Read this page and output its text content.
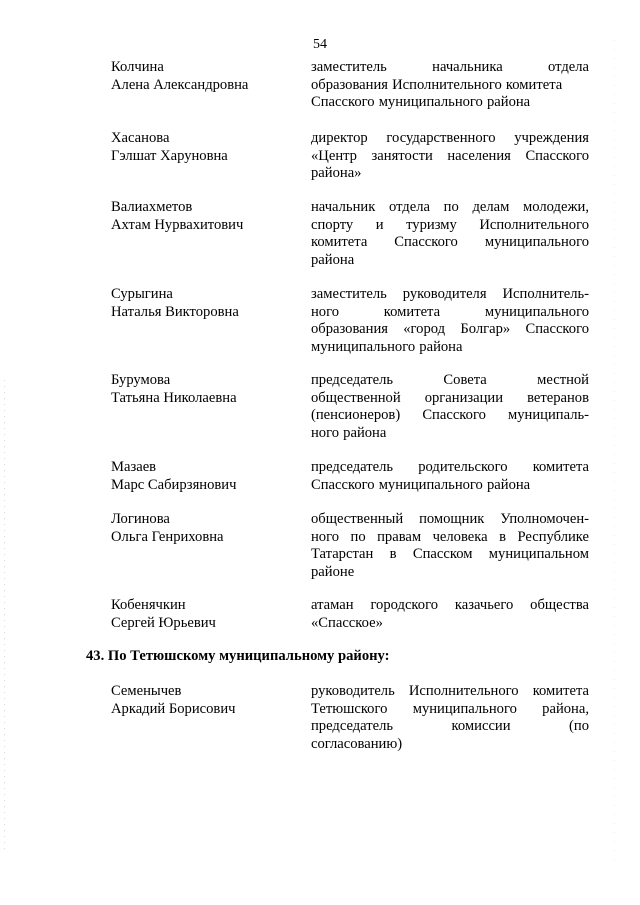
54
Колчина
Алена Александровна
заместитель начальника отдела
образования Исполнительного комитета
Спасского муниципального района
Хасанова
Гэлшат Харуновна
директор государственного учреждения
«Центр занятости населения Спасского
района»
Валиахметов
Ахтам Нурвахитович
начальник отдела по делам молодежи,
спорту и туризму Исполнительного
комитета Спасского муниципального
района
Сурыгина
Наталья Викторовна
заместитель руководителя Исполнитель-
ного комитета муниципального
образования «город Болгар» Спасского
муниципального района
Бурумова
Татьяна Николаевна
председатель Совета местной
общественной организации ветеранов
(пенсионеров) Спасского муниципаль-
ного района
Мазаев
Марс Сабирзянович
председатель родительского комитета
Спасского муниципального района
Логинова
Ольга Генриховна
общественный помощник Уполномочен-
ного по правам человека в Республике
Татарстан в Спасском муниципальном
районе
Кобенячкин
Сергей Юрьевич
атаман городского казачьего общества
«Спасское»
43. По Тетюшскому муниципальному району:
Семенычев
Аркадий Борисович
руководитель Исполнительного комитета
Тетюшского муниципального района,
председатель комиссии (по
согласованию)
